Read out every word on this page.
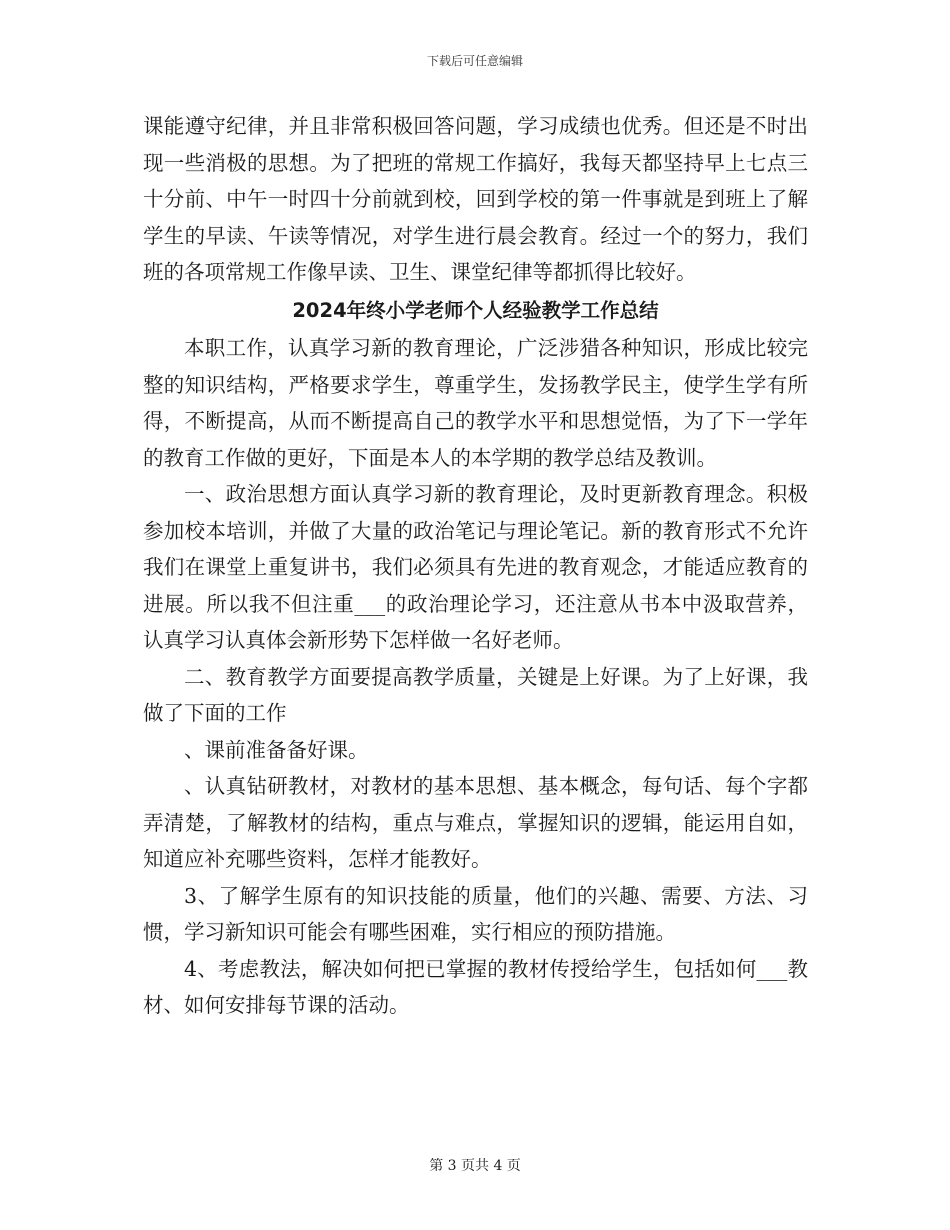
下载后可任意编辑

课能遵守纪律，并且非常积极回答问题，学习成绩也优秀。但还是不时出现一些消极的思想。为了把班的常规工作搞好，我每天都坚持早上七点三十分前、中午一时四十分前就到校，回到学校的第一件事就是到班上了解学生的早读、午读等情况，对学生进行晨会教育。经过一个的努力，我们班的各项常规工作像早读、卫生、课堂纪律等都抓得比较好。

2024年终小学老师个人经验教学工作总结

本职工作，认真学习新的教育理论，广泛涉猎各种知识，形成比较完整的知识结构，严格要求学生，尊重学生，发扬教学民主，使学生学有所得，不断提高，从而不断提高自己的教学水平和思想觉悟，为了下一学年的教育工作做的更好，下面是本人的本学期的教学总结及教训。

一、政治思想方面认真学习新的教育理论，及时更新教育理念。积极参加校本培训，并做了大量的政治笔记与理论笔记。新的教育形式不允许我们在课堂上重复讲书，我们必须具有先进的教育观念，才能适应教育的进展。所以我不但注重___的政治理论学习，还注意从书本中汲取营养，认真学习认真体会新形势下怎样做一名好老师。

二、教育教学方面要提高教学质量，关键是上好课。为了上好课，我做了下面的工作

、课前准备备好课。

、认真钻研教材，对教材的基本思想、基本概念，每句话、每个字都弄清楚，了解教材的结构，重点与难点，掌握知识的逻辑，能运用自如，知道应补充哪些资料，怎样才能教好。

3、了解学生原有的知识技能的质量，他们的兴趣、需要、方法、习惯，学习新知识可能会有哪些困难，实行相应的预防措施。

4、考虑教法，解决如何把已掌握的教材传授给学生，包括如何___教材、如何安排每节课的活动。

第 3 页共 4 页
